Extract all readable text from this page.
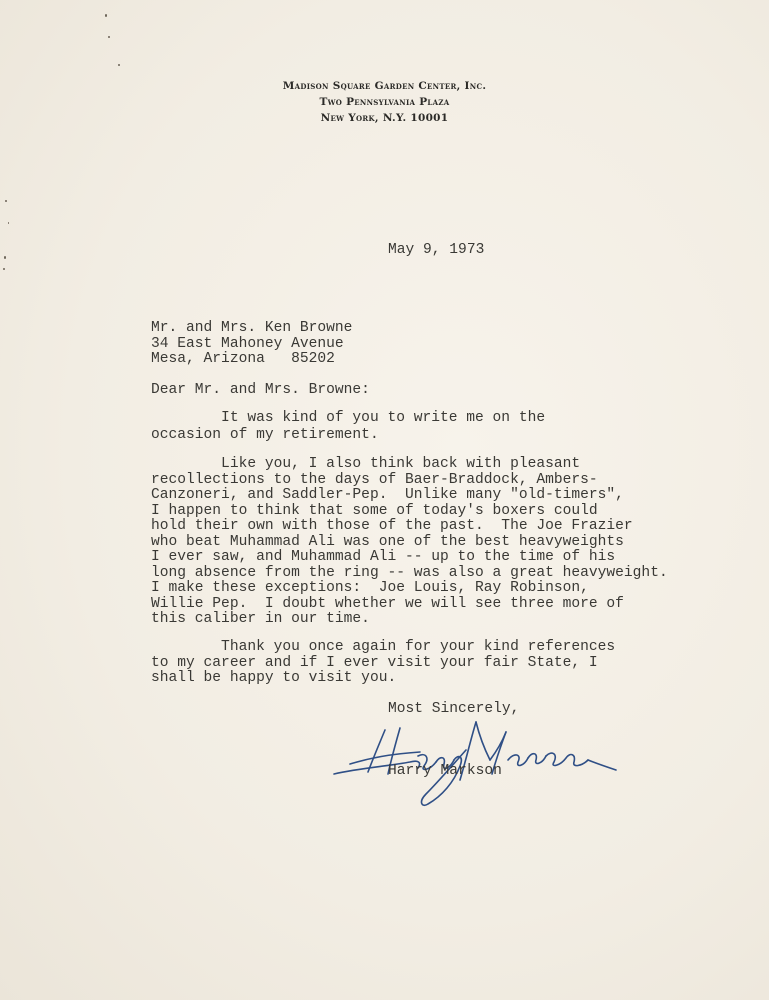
Madison Square Garden Center, Inc.
Two Pennsylvania Plaza
New York, N.Y. 10001
May 9, 1973
Mr. and Mrs. Ken Browne
34 East Mahoney Avenue
Mesa, Arizona   85202
Dear Mr. and Mrs. Browne:
It was kind of you to write me on the
occasion of my retirement.
Like you, I also think back with pleasant
recollections to the days of Baer-Braddock, Ambers-
Canzoneri, and Saddler-Pep.  Unlike many "old-timers",
I happen to think that some of today's boxers could
hold their own with those of the past.  The Joe Frazier
who beat Muhammad Ali was one of the best heavyweights
I ever saw, and Muhammad Ali -- up to the time of his
long absence from the ring -- was also a great heavyweight.
I make these exceptions:  Joe Louis, Ray Robinson,
Willie Pep.  I doubt whether we will see three more of
this caliber in our time.
Thank you once again for your kind references
to my career and if I ever visit your fair State, I
shall be happy to visit you.
Most Sincerely,
Harry Markson
